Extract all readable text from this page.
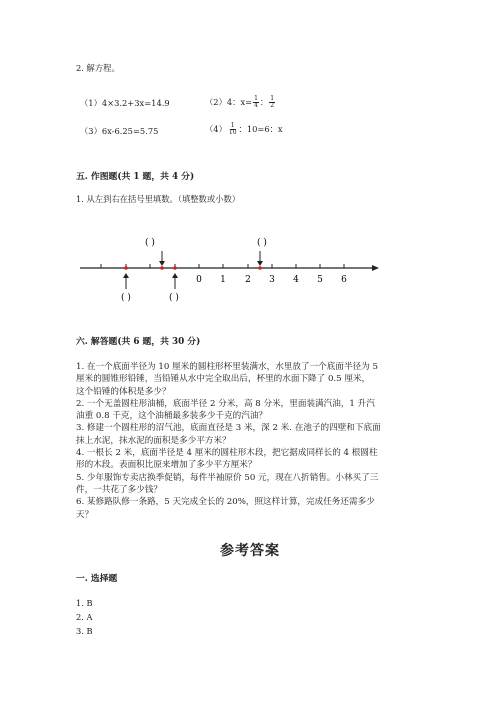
2. 解方程。
（1）4×3.2+3x=14.9	（2）4：$x= \frac{1}{4}$ ： $\frac{1}{2}$
（3）6x-6.25=5.75	$(4) \frac{1}{10}$ ：10=6：x
五. 作图题(共 1 题，共 4 分)
1. 从左到右在括号里填数。（填整数或小数）
( )	( )
0 1 2 3 4 5 6
( )	( )
六. 解答题(共 6 题，共 30 分)
1. 在一个底面半径为 10 厘米的圆柱形杯里装满水，水里放了一个底面半径为 5
厘米的圆锥形铅锤，当铅锤从水中完全取出后，杯里的水面下降了 0.5 厘米，
这个铅锤的体积是多少？
2. 一个无盖圆柱形油桶，底面半径 2 分米，高 8 分米，里面装满汽油，1 升汽
油重 0.8 千克，这个油桶最多装多少千克的汽油？
3. 修建一个圆柱形的沼气池，底面直径是 3 米，深 2 米. 在池子的四壁和下底面
抹上水泥，抹水泥的面积是多少平方米？
4. 一根长 2 米，底面半径是 4 厘米的圆柱形木段，把它据成同样长的 4 根圆柱
形的木段。表面积比原来增加了多少平方厘米？
5. 少年服饰专卖店换季促销，每件半袖原价 50 元，现在八折销售。小林买了三
件，一共花了多少钱？
6. 某修路队修一条路，5 天完成全长的 20%，照这样计算，完成任务还需多少
天？
参考答案
一. 选择题
1. B
2. A
3. B
